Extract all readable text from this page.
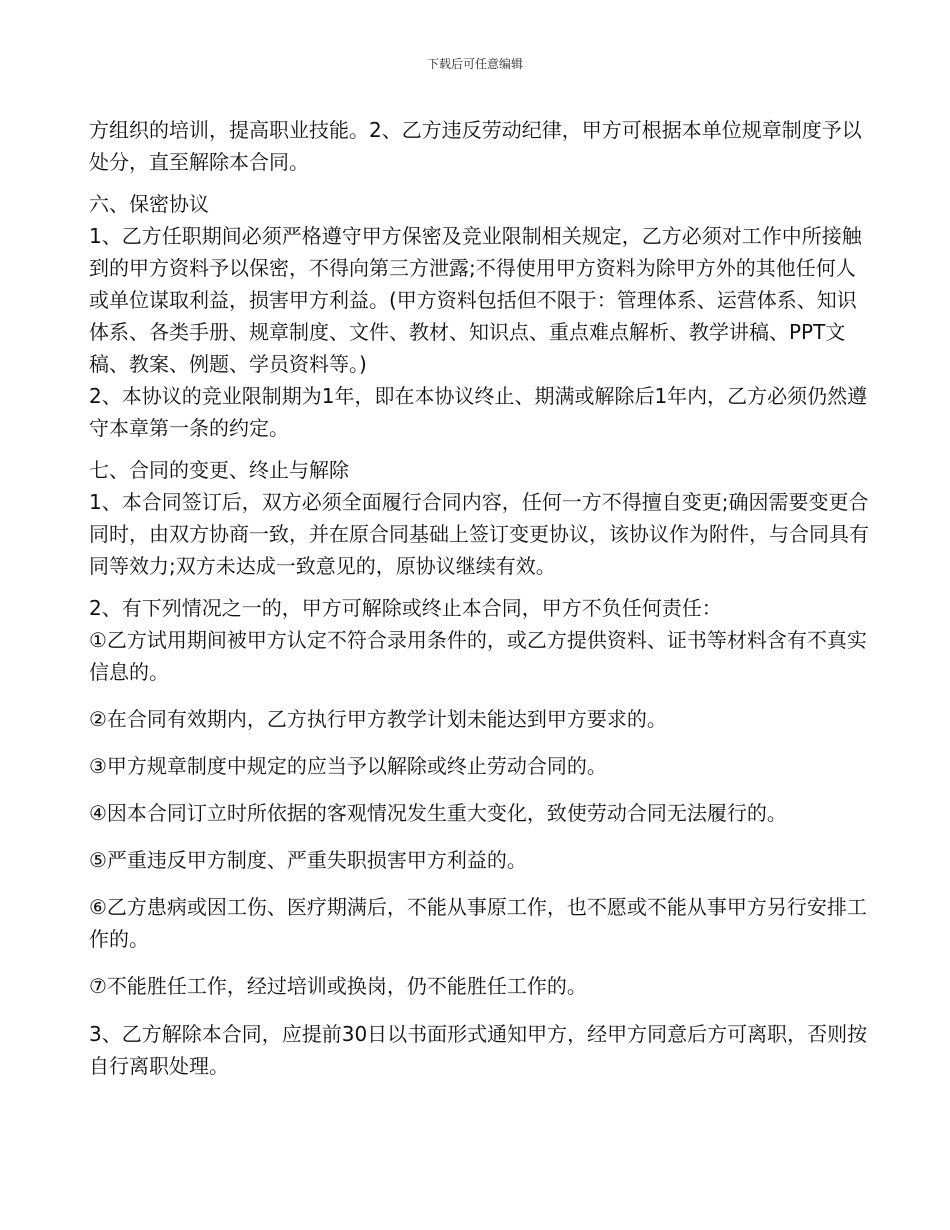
下载后可任意编辑

方组织的培训，提高职业技能。2、乙方违反劳动纪律，甲方可根据本单位规章制度予以处分，直至解除本合同。

六、保密协议

1、乙方任职期间必须严格遵守甲方保密及竞业限制相关规定，乙方必须对工作中所接触到的甲方资料予以保密，不得向第三方泄露;不得使用甲方资料为除甲方外的其他任何人或单位谋取利益，损害甲方利益。(甲方资料包括但不限于：管理体系、运营体系、知识体系、各类手册、规章制度、文件、教材、知识点、重点难点解析、教学讲稿、PPT文稿、教案、例题、学员资料等。)

2、本协议的竞业限制期为1年，即在本协议终止、期满或解除后1年内，乙方必须仍然遵守本章第一条的约定。

七、合同的变更、终止与解除

1、本合同签订后，双方必须全面履行合同内容，任何一方不得擅自变更;确因需要变更合同时，由双方协商一致，并在原合同基础上签订变更协议，该协议作为附件，与合同具有同等效力;双方未达成一致意见的，原协议继续有效。

2、有下列情况之一的，甲方可解除或终止本合同，甲方不负任何责任：

①乙方试用期间被甲方认定不符合录用条件的，或乙方提供资料、证书等材料含有不真实信息的。

②在合同有效期内，乙方执行甲方教学计划未能达到甲方要求的。

③甲方规章制度中规定的应当予以解除或终止劳动合同的。

④因本合同订立时所依据的客观情况发生重大变化，致使劳动合同无法履行的。

⑤严重违反甲方制度、严重失职损害甲方利益的。

⑥乙方患病或因工伤、医疗期满后，不能从事原工作，也不愿或不能从事甲方另行安排工作的。

⑦不能胜任工作，经过培训或换岗，仍不能胜任工作的。

3、乙方解除本合同，应提前30日以书面形式通知甲方，经甲方同意后方可离职，否则按自行离职处理。
